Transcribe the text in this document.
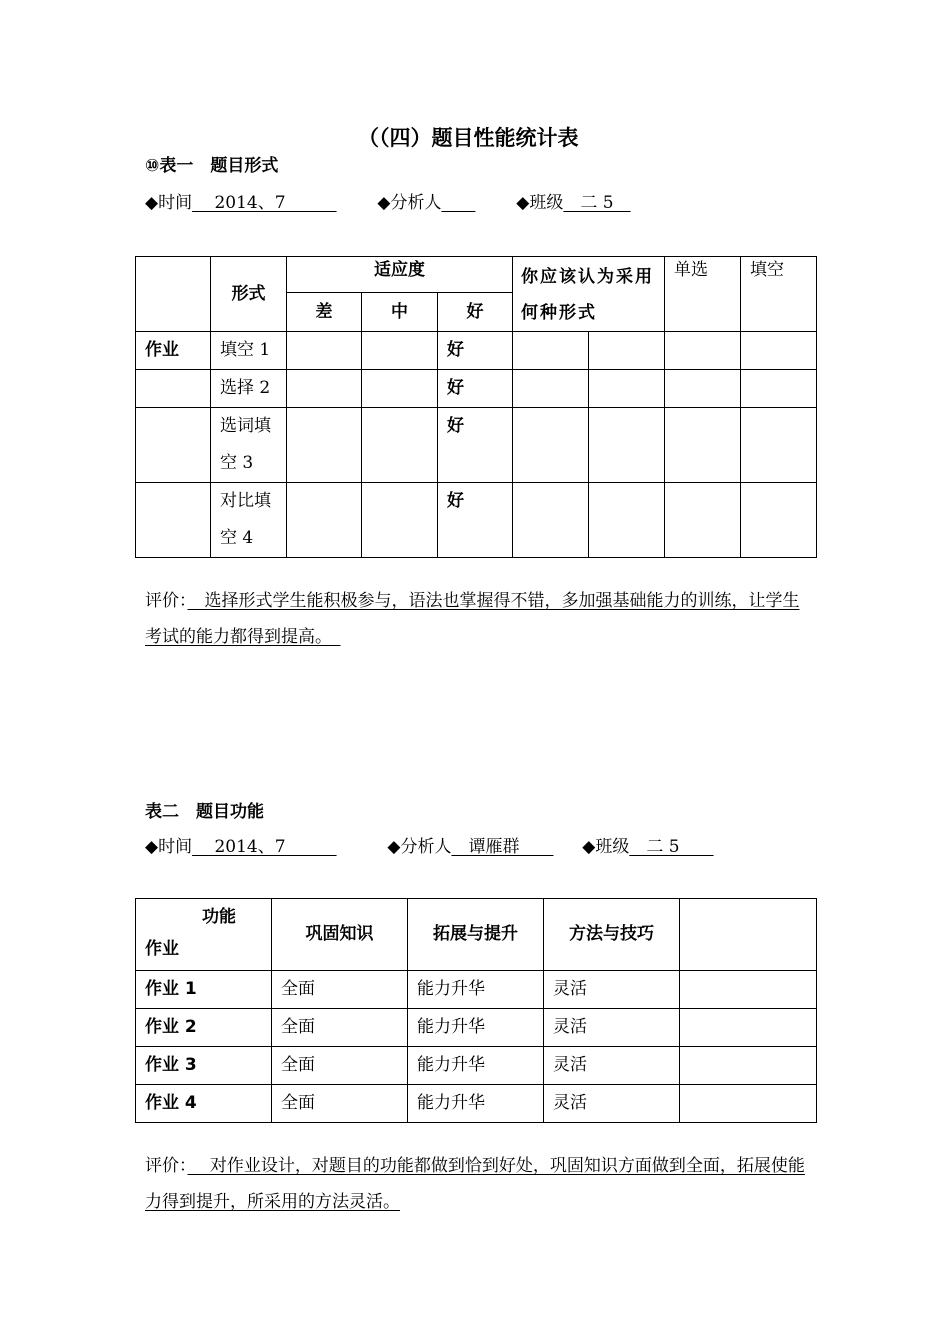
（（四）题目性能统计表
⑩表一　题目形式
◆时间　 2014、7　　　  ◆分析人　　	◆班级　二 5　
	形式	适应度			你应该认为采用何种形式		单选	填空
		差	中	好				
作业	填空 1			好				
	选择 2			好				
	选词填空 3			好				
	对比填空 4			好				
评价：　选择形式学生能积极参与，语法也掌握得不错，多加强基础能力的训练，让学生考试的能力都得到提高。　
表二　题目功能
◆时间　 2014、7　　　	◆分析人　谭雁群　　  ◆班级　二 5　　
功能
作业	巩固知识	拓展与提升	方法与技巧	
作业 1	全面	能力升华	灵活	
作业 2	全面	能力升华	灵活	
作业 3	全面	能力升华	灵活	
作业 4	全面	能力升华	灵活	
评价：　 对作业设计，对题目的功能都做到恰到好处，巩固知识方面做到全面，拓展使能力得到提升，所采用的方法灵活。
